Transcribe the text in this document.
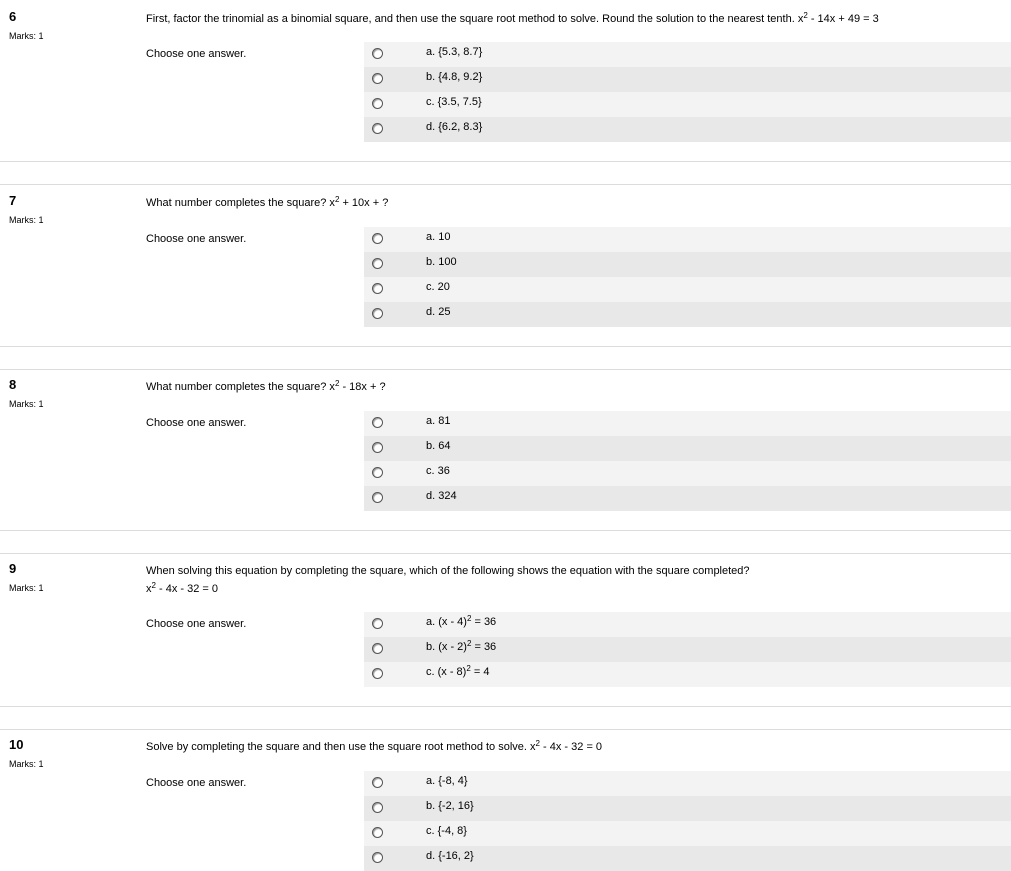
6
Marks: 1
First, factor the trinomial as a binomial square, and then use the square root method to solve. Round the solution to the nearest tenth. $x^2 - 14x + 49 = 3$
Choose one answer.	a. {5.3, 8.7}
b. {4.8, 9.2}
c. {3.5, 7.5}
d. {6.2, 8.3}
7
Marks: 1
What number completes the square? $x^2 + 10x$ + ?
Choose one answer.	a. 10
b. 100
c. 20
d. 25
8
Marks: 1
What number completes the square? $x^2 - 18x$ + ?
Choose one answer.	a. 81
b. 64
c. 36
d. 324
9
Marks: 1
When solving this equation by completing the square, which of the following shows the equation with the square completed?
$x^2 - 4x - 32 = 0$
Choose one answer.	a. (x - 4)$^2$ = 36
b. (x - 2)$^2$ = 36
c. (x - 8)$^2$ = 4
10
Marks: 1
Solve by completing the square and then use the square root method to solve. $x^2 - 4x - 32 = 0$
Choose one answer.	a. {-8, 4}
b. {-2, 16}
c. {-4, 8}
d. {-16, 2}
